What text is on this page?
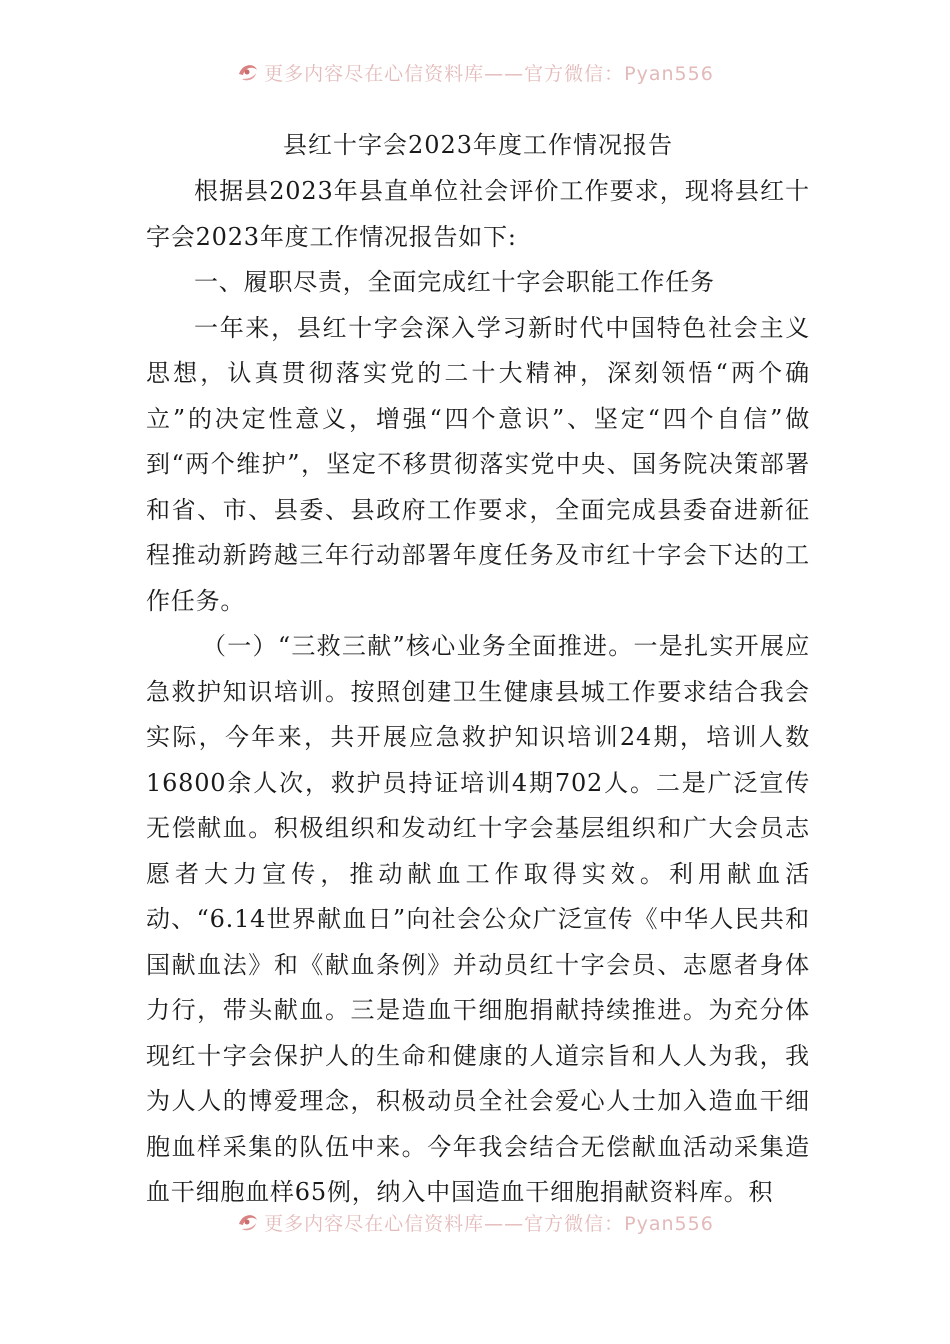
更多内容尽在心信资料库——官方微信：Pyan556

县红十字会2023年度工作情况报告

根据县2023年县直单位社会评价工作要求，现将县红十字会2023年度工作情况报告如下:

一、履职尽责，全面完成红十字会职能工作任务

一年来，县红十字会深入学习新时代中国特色社会主义思想，认真贯彻落实党的二十大精神，深刻领悟“两个确立”的决定性意义，增强“四个意识”、坚定“四个自信”做到“两个维护”，坚定不移贯彻落实党中央、国务院决策部署和省、市、县委、县政府工作要求，全面完成县委奋进新征程推动新跨越三年行动部署年度任务及市红十字会下达的工作任务。

（一）“三救三献”核心业务全面推进。一是扎实开展应急救护知识培训。按照创建卫生健康县城工作要求结合我会实际，今年来，共开展应急救护知识培训24期，培训人数16800余人次，救护员持证培训4期702人。二是广泛宣传无偿献血。积极组织和发动红十字会基层组织和广大会员志愿者大力宣传，推动献血工作取得实效。利用献血活动、“6.14世界献血日”向社会公众广泛宣传《中华人民共和国献血法》和《献血条例》并动员红十字会员、志愿者身体力行，带头献血。三是造血干细胞捐献持续推进。为充分体现红十字会保护人的生命和健康的人道宗旨和人人为我，我为人人的博爱理念，积极动员全社会爱心人士加入造血干细胞血样采集的队伍中来。今年我会结合无偿献血活动采集造血干细胞血样65例，纳入中国造血干细胞捐献资料库。积

更多内容尽在心信资料库——官方微信：Pyan556
